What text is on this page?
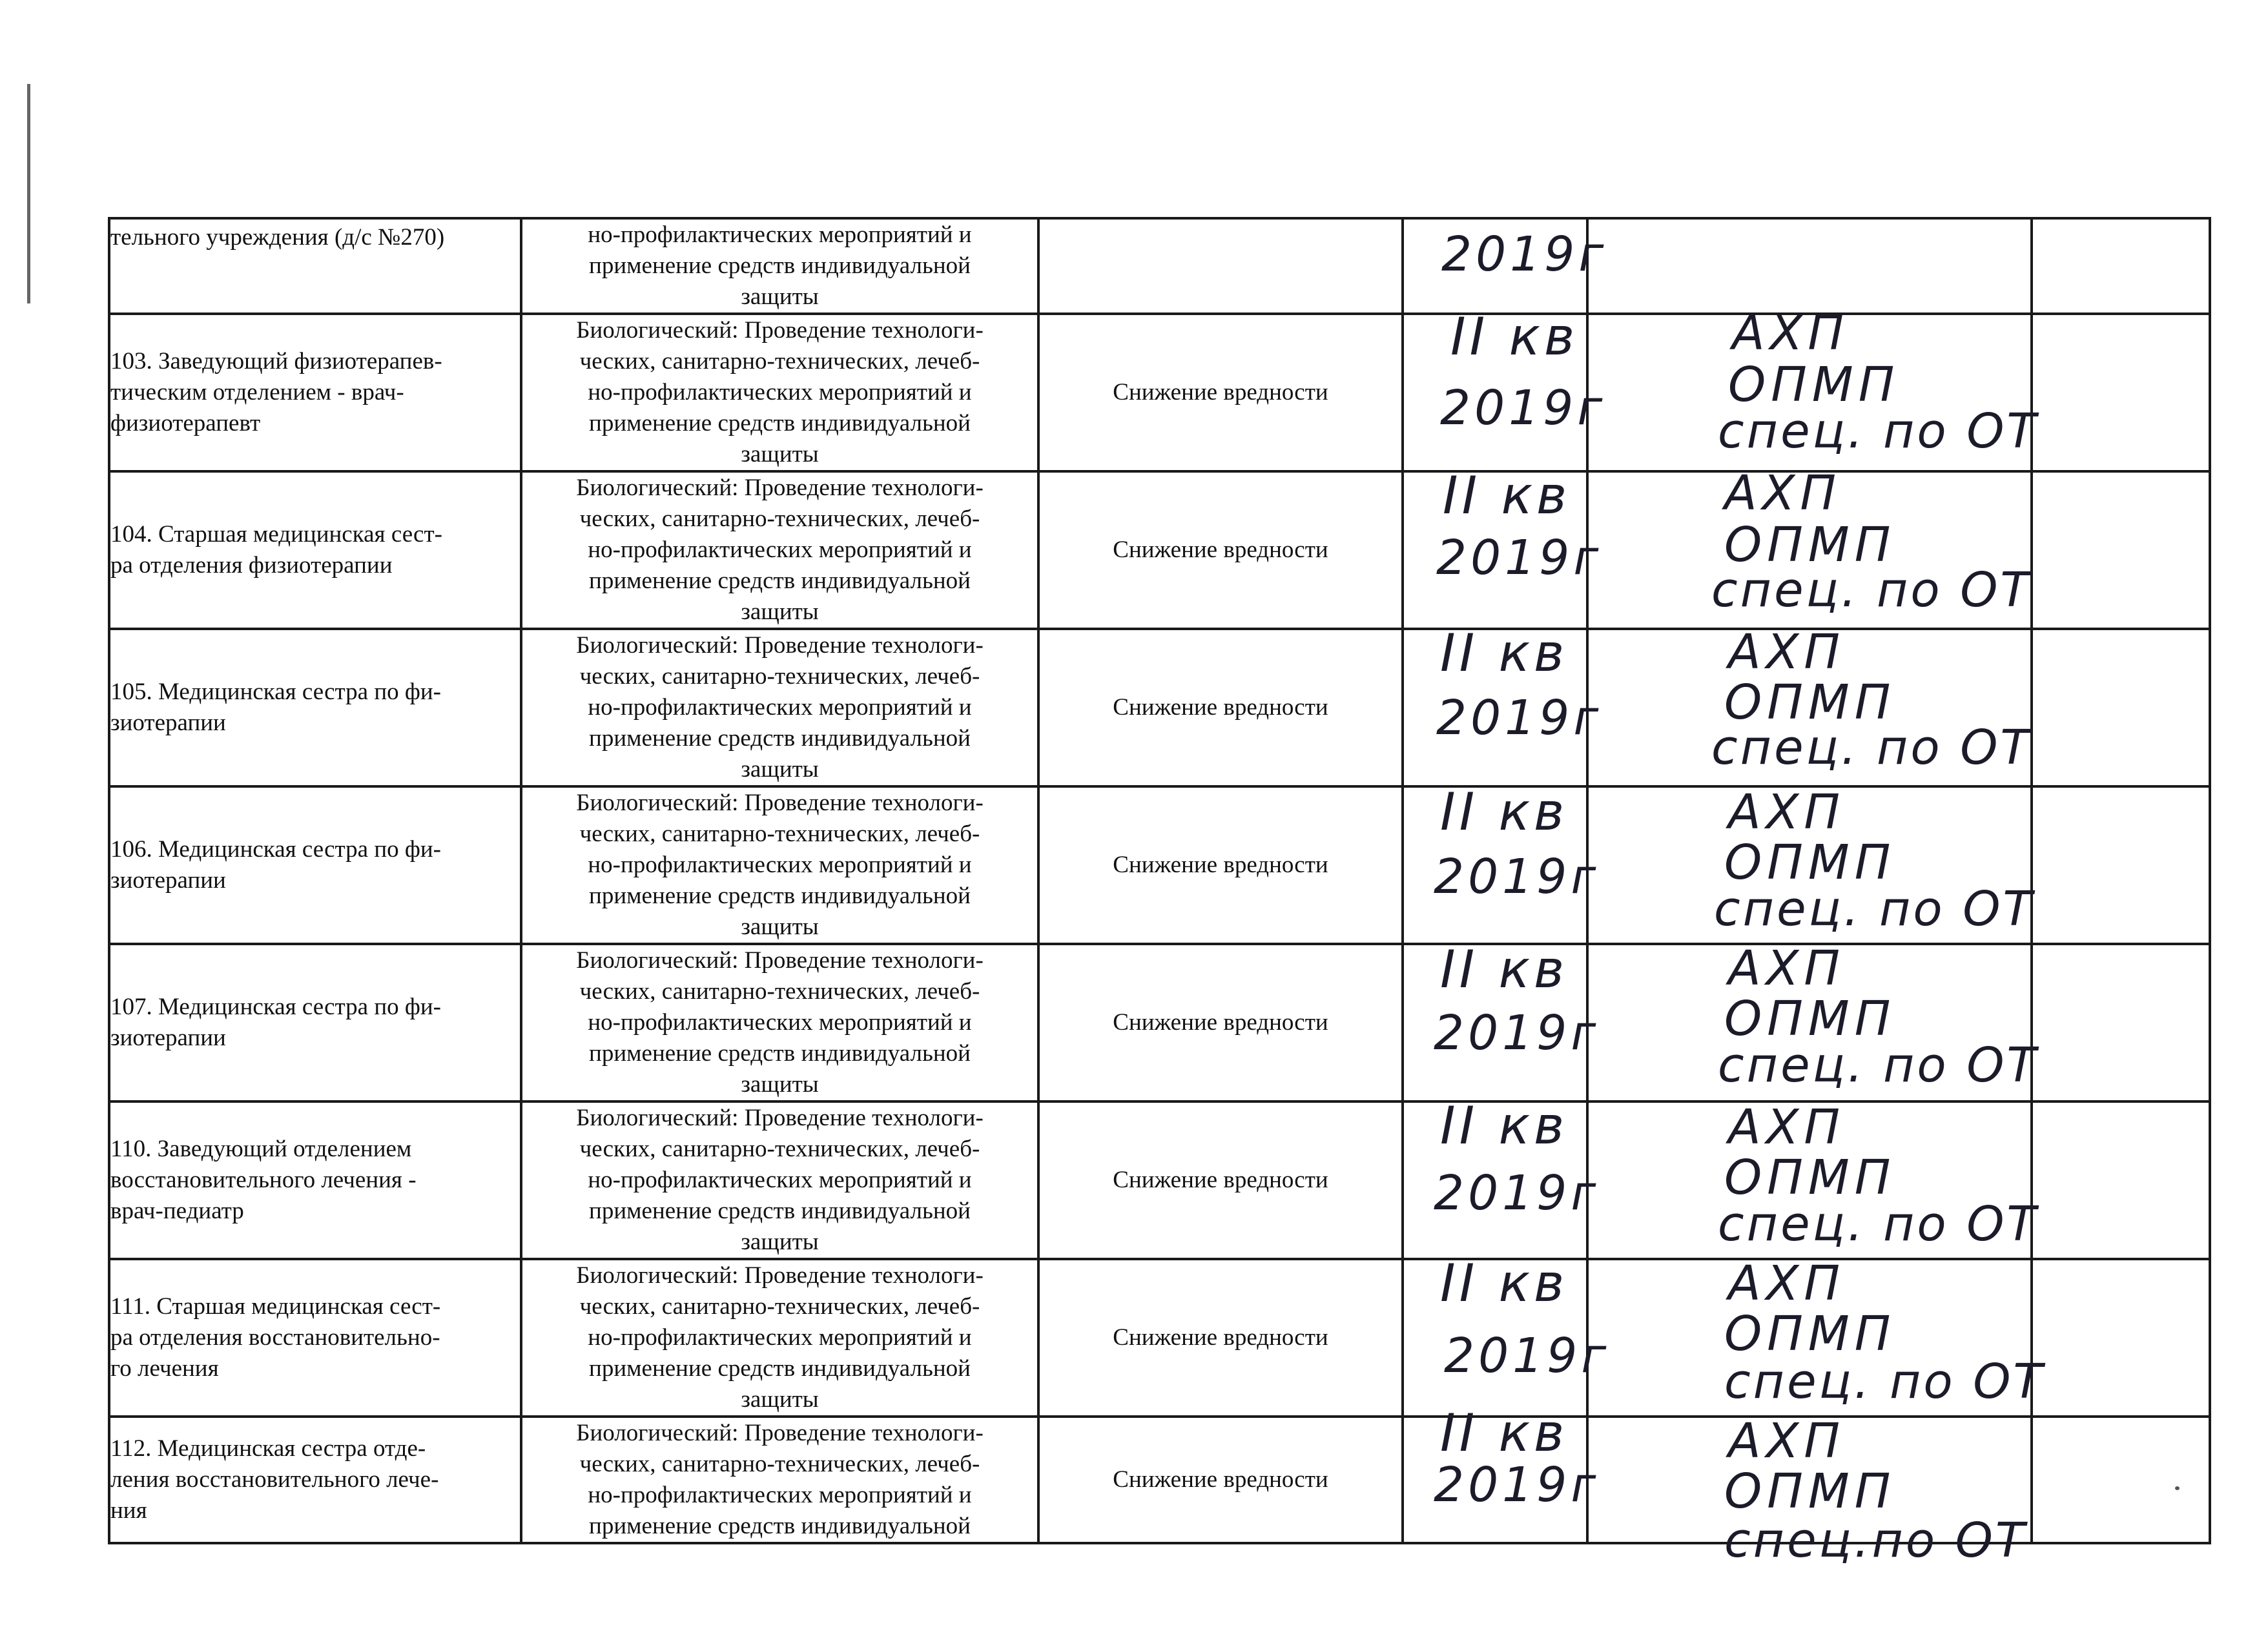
тельного учреждения (д/с №270)	но-профилактических мероприятий и
применение средств индивидуальной
защиты		2019г		

103. Заведующий физиотерапев-
тическим отделением - врач-
физиотерапевт	Биологический: Проведение технологи-
ческих, санитарно-технических, лечеб-
но-профилактических мероприятий и
применение средств индивидуальной
защиты	Снижение вредности	II кв
2019г	АХП
ОПМП
спец. по ОТ	

104. Старшая медицинская сест-
ра отделения физиотерапии	Биологический: Проведение технологи-
ческих, санитарно-технических, лечеб-
но-профилактических мероприятий и
применение средств индивидуальной
защиты	Снижение вредности	II кв
2019г	АХП
ОПМП
спец. по ОТ	

105. Медицинская сестра по фи-
зиотерапии	Биологический: Проведение технологи-
ческих, санитарно-технических, лечеб-
но-профилактических мероприятий и
применение средств индивидуальной
защиты	Снижение вредности	II кв
2019г	АХП
ОПМП
спец. по ОТ	

106. Медицинская сестра по фи-
зиотерапии	Биологический: Проведение технологи-
ческих, санитарно-технических, лечеб-
но-профилактических мероприятий и
применение средств индивидуальной
защиты	Снижение вредности	II кв
2019г	АХП
ОПМП
спец. по ОТ	

107. Медицинская сестра по фи-
зиотерапии	Биологический: Проведение технологи-
ческих, санитарно-технических, лечеб-
но-профилактических мероприятий и
применение средств индивидуальной
защиты	Снижение вредности	II кв
2019г	АХП
ОПМП
спец. по ОТ	

110. Заведующий отделением
восстановительного лечения -
врач-педиатр	Биологический: Проведение технологи-
ческих, санитарно-технических, лечеб-
но-профилактических мероприятий и
применение средств индивидуальной
защиты	Снижение вредности	II кв
2019г	АХП
ОПМП
спец. по ОТ	

111. Старшая медицинская сест-
ра отделения восстановительно-
го лечения	Биологический: Проведение технологи-
ческих, санитарно-технических, лечеб-
но-профилактических мероприятий и
применение средств индивидуальной
защиты	Снижение вредности	II кв
2019г	АХП
ОПМП
спец. по ОТ	

112. Медицинская сестра отде-
ления восстановительного лече-
ния	Биологический: Проведение технологи-
ческих, санитарно-технических, лечеб-
но-профилактических мероприятий и
применение средств индивидуальной	Снижение вредности	II кв
2019г	АХП
ОПМП
спец.по ОТ	
